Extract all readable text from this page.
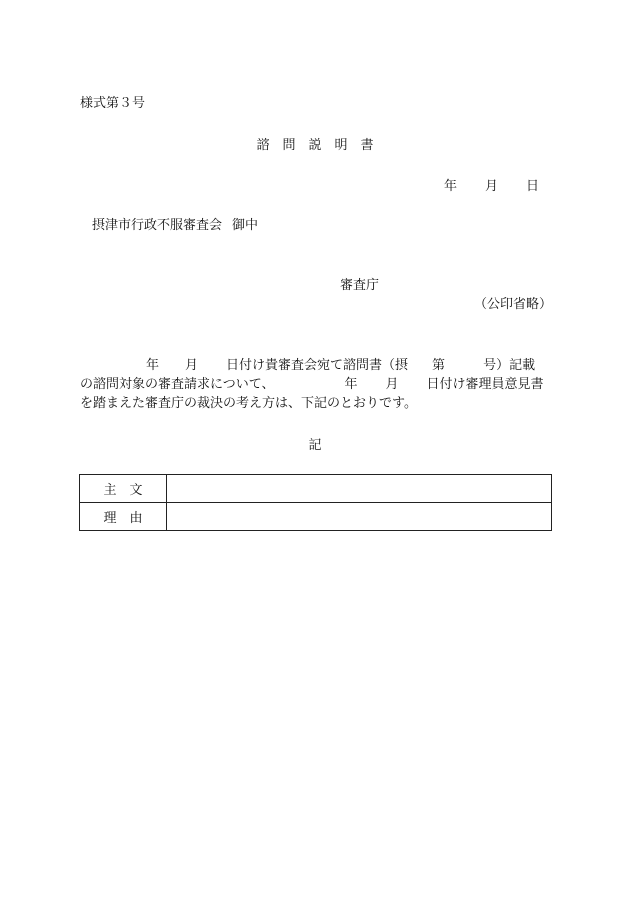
様式第３号
諮　問　説　明　書
年 月 日
摂津市行政不服審査会 御中
審査庁
（公印省略）
年 月 日付け貴審査会宛て諮問書（摂 第	号）記載
の諮問対象の審査請求について、	年 月 日付け審理員意見書
を踏まえた審査庁の裁決の考え方は、下記のとおりです。
記
主　文	
理　由	
